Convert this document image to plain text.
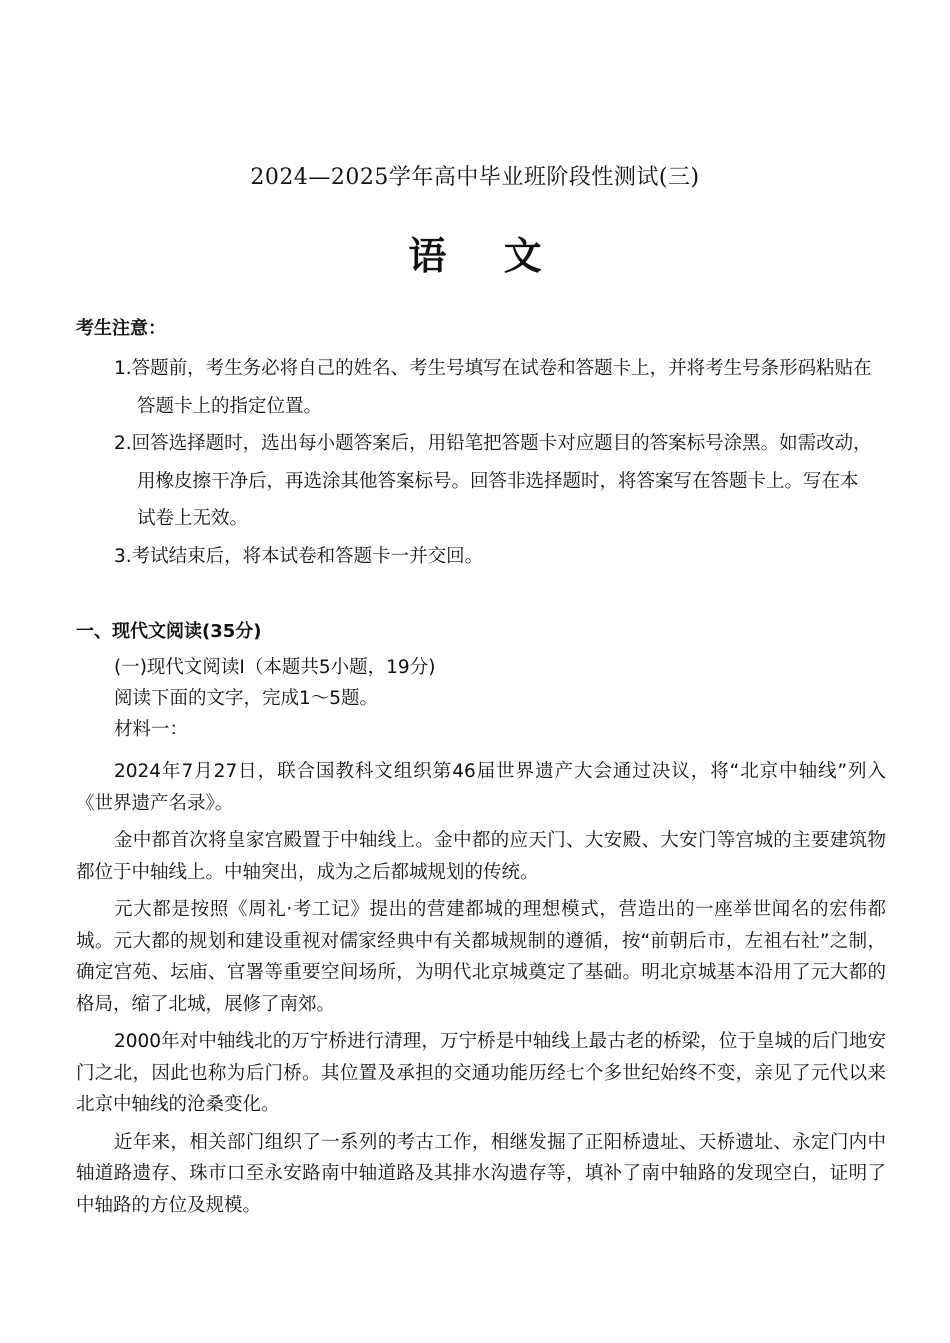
2024—2025学年高中毕业班阶段性测试(三)
语 文
考生注意：
1.答题前，考生务必将自己的姓名、考生号填写在试卷和答题卡上，并将考生号条形码粘贴在答题卡上的指定位置。
2.回答选择题时，选出每小题答案后，用铅笔把答题卡对应题目的答案标号涂黑。如需改动，用橡皮擦干净后，再选涂其他答案标号。回答非选择题时，将答案写在答题卡上。写在本试卷上无效。
3.考试结束后，将本试卷和答题卡一并交回。
一、现代文阅读(35分)
(一)现代文阅读I（本题共5小题，19分)
阅读下面的文字，完成1～5题。
材料一：

2024年7月27日，联合国教科文组织第46届世界遗产大会通过决议，将“北京中轴线”列入《世界遗产名录》。

金中都首次将皇家宫殿置于中轴线上。金中都的应天门、大安殿、大安门等宫城的主要建筑物都位于中轴线上。中轴突出，成为之后都城规划的传统。

元大都是按照《周礼·考工记》提出的营建都城的理想模式，营造出的一座举世闻名的宏伟都城。元大都的规划和建设重视对儒家经典中有关都城规制的遵循，按“前朝后市，左祖右社”之制，确定宫苑、坛庙、官署等重要空间场所，为明代北京城奠定了基础。明北京城基本沿用了元大都的格局，缩了北城，展修了南郊。

2000年对中轴线北的万宁桥进行清理，万宁桥是中轴线上最古老的桥梁，位于皇城的后门地安门之北，因此也称为后门桥。其位置及承担的交通功能历经七个多世纪始终不变，亲见了元代以来北京中轴线的沧桑变化。

近年来，相关部门组织了一系列的考古工作，相继发掘了正阳桥遗址、天桥遗址、永定门内中轴道路遗存、珠市口至永安路南中轴道路及其排水沟遗存等，填补了南中轴路的发现空白，证明了中轴路的方位及规模。
